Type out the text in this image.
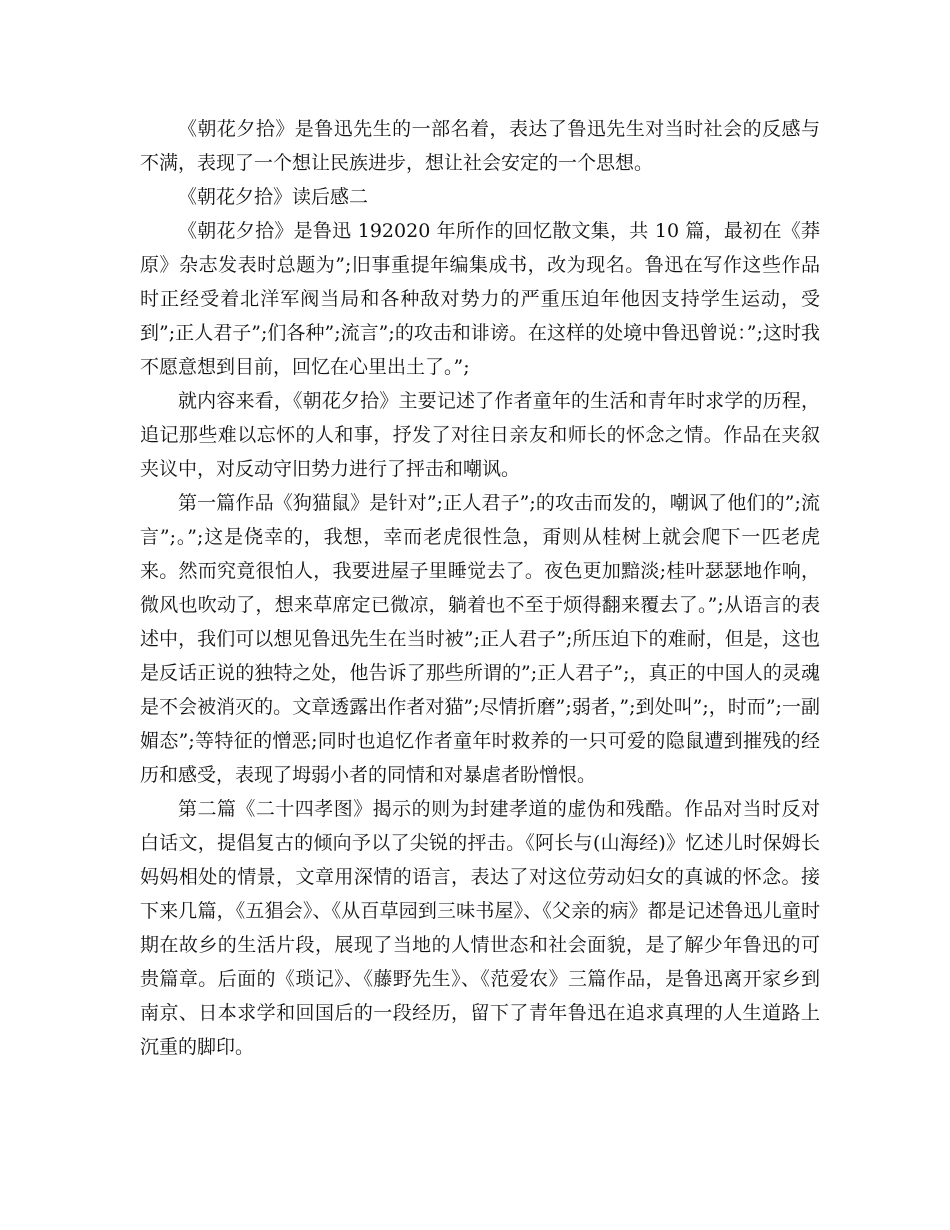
《朝花夕拾》是鲁迅先生的一部名着，表达了鲁迅先生对当时社会的反感与不满，表现了一个想让民族进步，想让社会安定的一个思想。

《朝花夕拾》读后感二

《朝花夕拾》是鲁迅 192020 年所作的回忆散文集，共 10 篇，最初在《莽原》杂志发表时总题为”;旧事重提年编集成书，改为现名。鲁迅在写作这些作品时正经受着北洋军阀当局和各种敌对势力的严重压迫年他因支持学生运动，受到”;正人君子”;们各种”;流言”;的攻击和诽谤。在这样的处境中鲁迅曾说：”;这时我不愿意想到目前，回忆在心里出土了。”;

就内容来看，《朝花夕拾》主要记述了作者童年的生活和青年时求学的历程，追记那些难以忘怀的人和事，抒发了对往日亲友和师长的怀念之情。作品在夹叙夹议中，对反动守旧势力进行了抨击和嘲讽。

第一篇作品《狗猫鼠》是针对”;正人君子”;的攻击而发的，嘲讽了他们的”;流言”;。”;这是侥幸的，我想，幸而老虎很性急，甭则从桂树上就会爬下一匹老虎来。然而究竟很怕人，我要进屋子里睡觉去了。夜色更加黯淡;桂叶瑟瑟地作响，微风也吹动了，想来草席定已微凉，躺着也不至于烦得翻来覆去了。”;从语言的表述中，我们可以想见鲁迅先生在当时被”;正人君子”;所压迫下的难耐，但是，这也是反话正说的独特之处，他告诉了那些所谓的”;正人君子”;，真正的中国人的灵魂是不会被消灭的。文章透露出作者对猫”;尽情折磨”;弱者，”;到处叫”;，时而”;一副媚态”;等特征的憎恶;同时也追忆作者童年时救养的一只可爱的隐鼠遭到摧残的经历和感受，表现了坶弱小者的同情和对暴虐者盼憎恨。

第二篇《二十四孝图》揭示的则为封建孝道的虚伪和残酷。作品对当时反对白话文，提倡复古的倾向予以了尖锐的抨击。《阿长与(山海经)》忆述儿时保姆长妈妈相处的情景，文章用深情的语言，表达了对这位劳动妇女的真诚的怀念。接下来几篇，《五猖会》、《从百草园到三味书屋》、《父亲的病》都是记述鲁迅儿童时期在故乡的生活片段，展现了当地的人情世态和社会面貌，是了解少年鲁迅的可贵篇章。后面的《琐记》、《藤野先生》、《范爱农》三篇作品，是鲁迅离开家乡到南京、日本求学和回国后的一段经历，留下了青年鲁迅在追求真理的人生道路上沉重的脚印。
